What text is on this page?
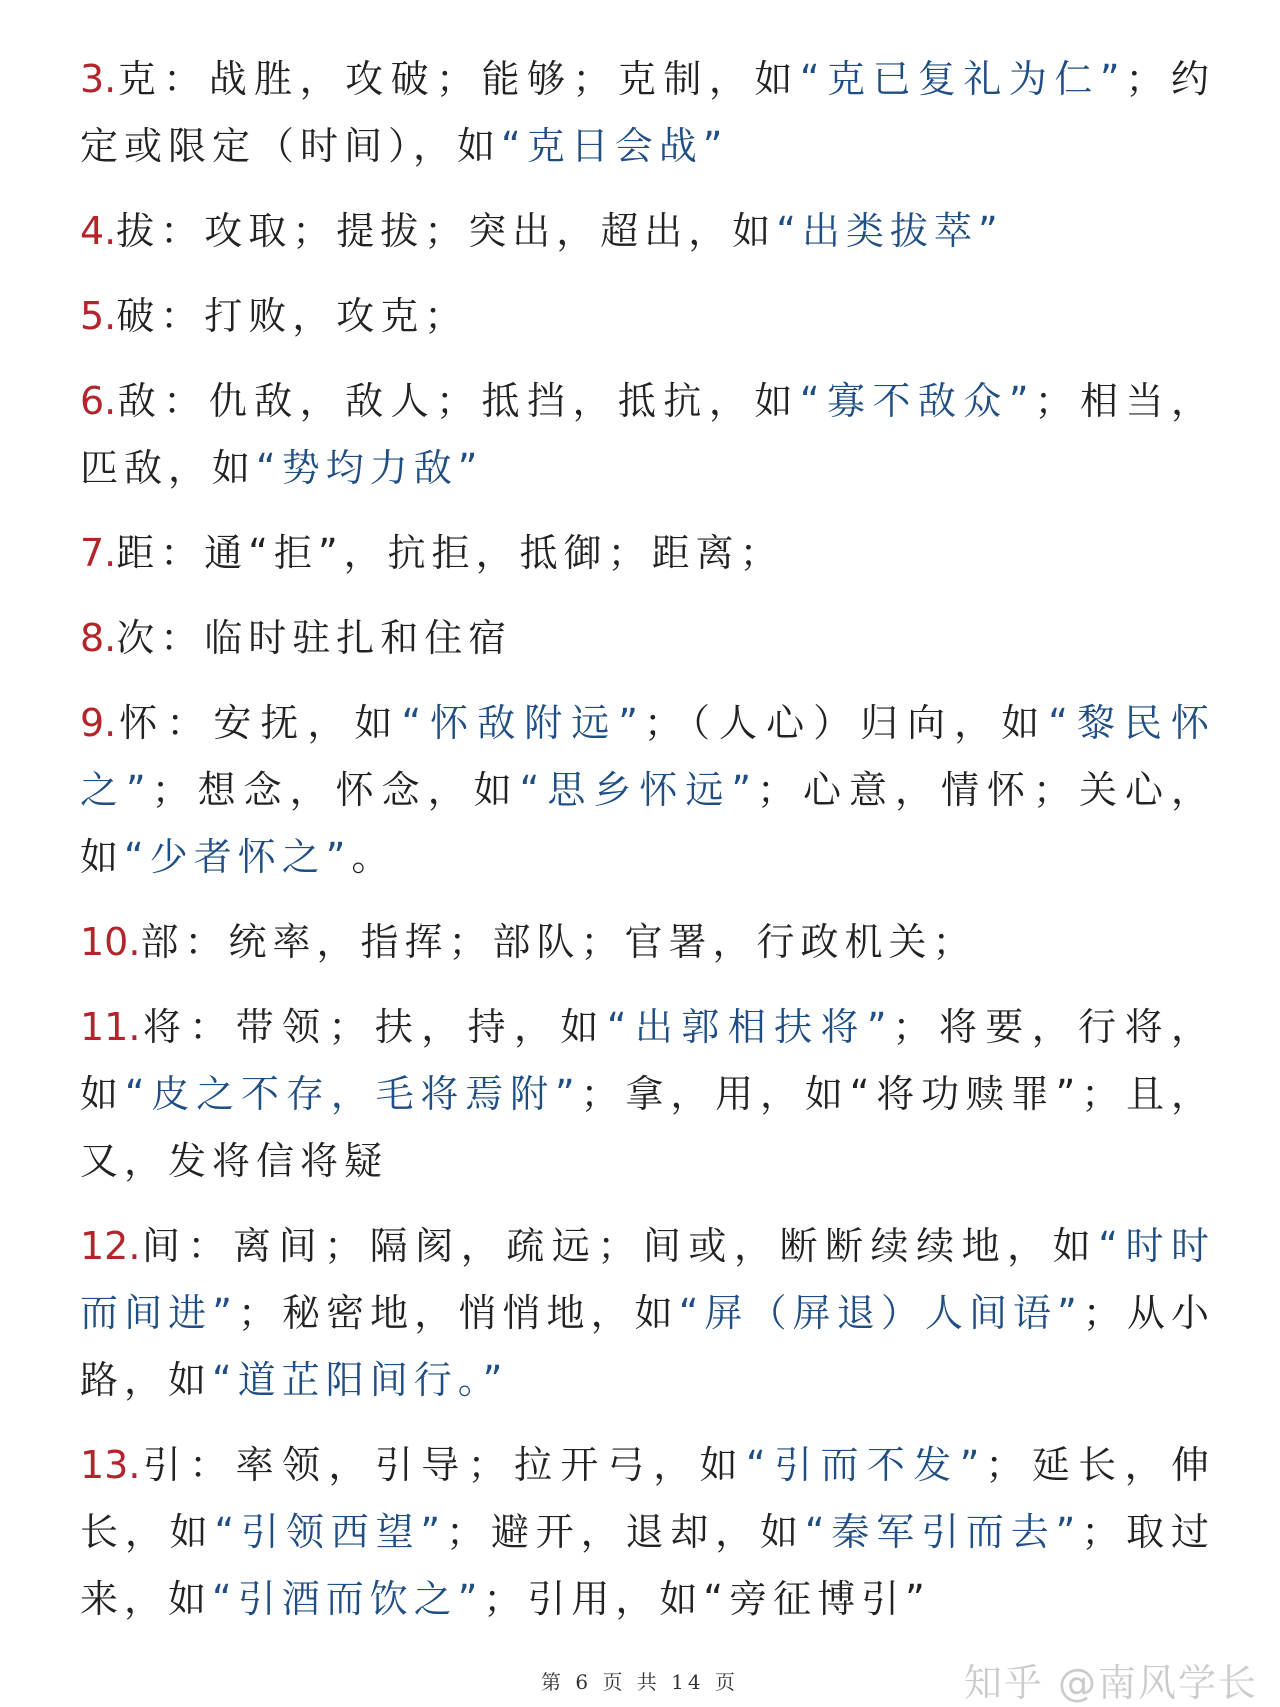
3.克：战胜，攻破；能够；克制，如“克已复礼为仁”；约定或限定（时间），如“克日会战”

4.拔：攻取；提拔；突出，超出，如“出类拔萃”

5.破：打败，攻克；

6.敌：仇敌，敌人；抵挡，抵抗，如“寡不敌众”；相当，匹敌，如“势均力敌”

7.距：通“拒”，抗拒，抵御；距离；

8.次：临时驻扎和住宿

9.怀：安抚，如“怀敌附远”；（人心）归向，如“黎民怀之”；想念，怀念，如“思乡怀远”；心意，情怀；关心，如“少者怀之”。

10.部：统率，指挥；部队；官署，行政机关；

11.将：带领；扶，持，如“出郭相扶将”；将要，行将，如“皮之不存，毛将焉附”；拿，用，如“将功赎罪”；且，又，发将信将疑

12.间：离间；隔阂，疏远；间或，断断续续地，如“时时而间进”；秘密地，悄悄地，如“屏（屏退）人间语”；从小路，如“道芷阳间行。”

13.引：率领，引导；拉开弓，如“引而不发”；延长，伸长，如“引领西望”；避开，退却，如“秦军引而去”；取过来，如“引酒而饮之”；引用，如“旁征博引”

第 6 页 共 14 页	知乎 @南风学长
